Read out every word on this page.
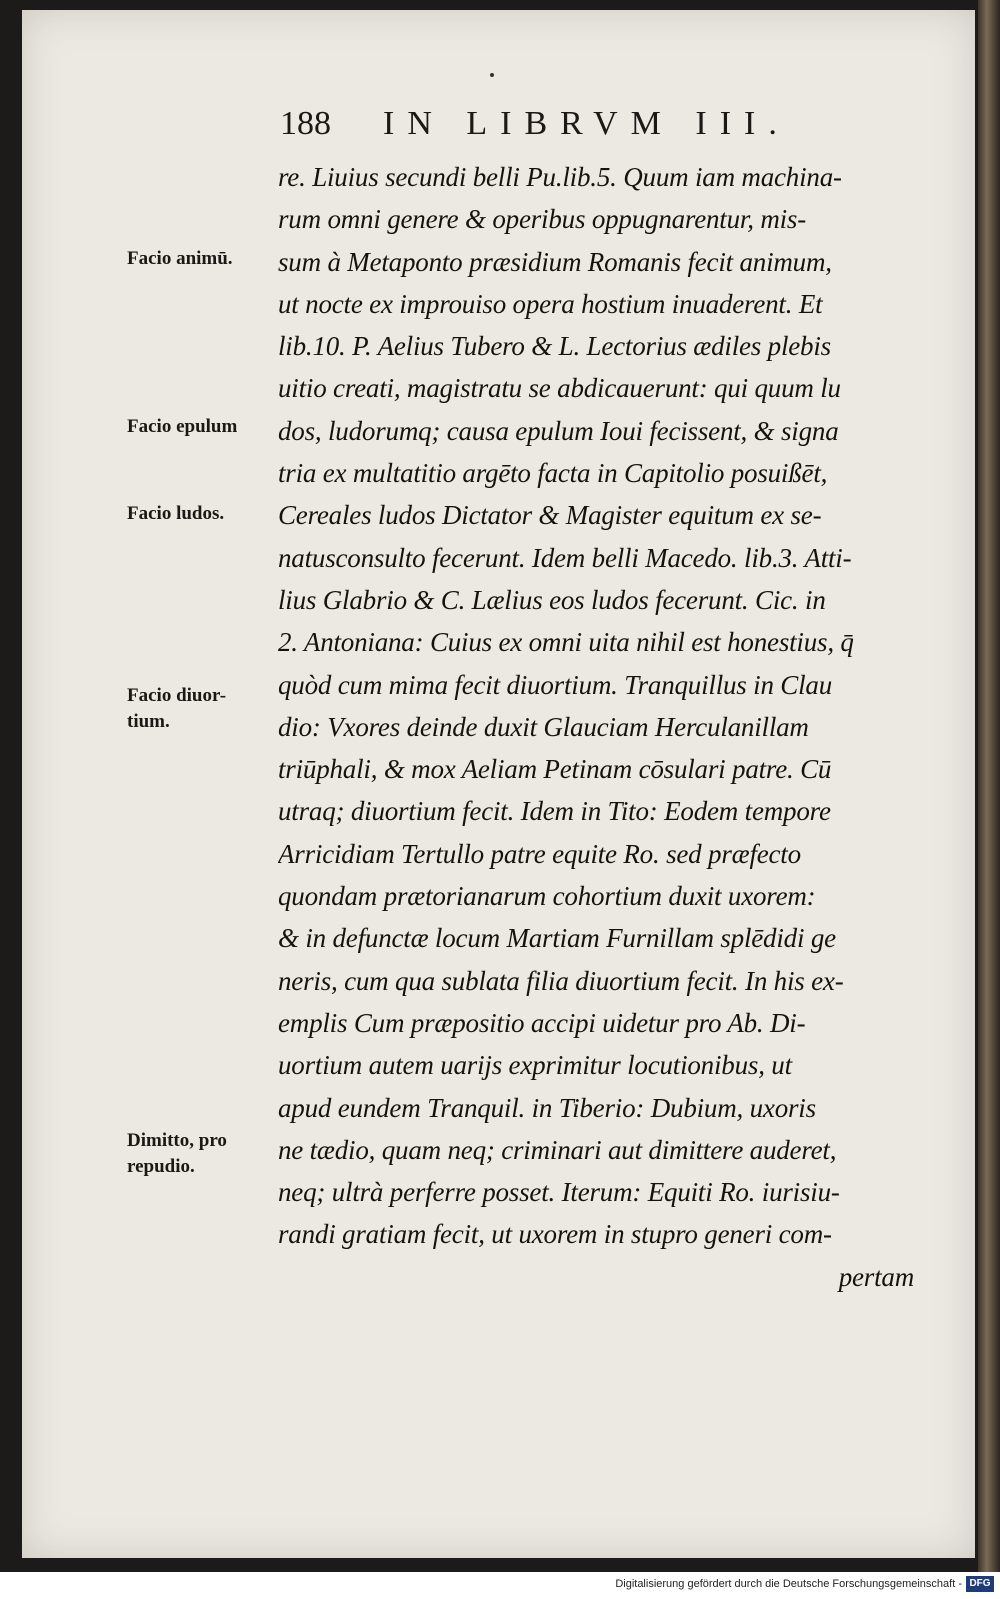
188 IN LIBRVM III.
re. Liuius secundi belli Pu.lib.5. Quum iam machina-
rum omni genere & operibus oppugnarentur, mis-
sum à Metaponto præsidium Romanis fecit animum,
ut nocte ex improuiso opera hostium inuaderent. Et
lib.10. P. Aelius Tubero & L. Lectorius ædiles plebis
uitio creati, magistratu se abdicauerunt: qui quum lu
dos, ludorumq; causa epulum Ioui fecissent, & signa
tria ex multatitio argēto facta in Capitolio posuißēt,
Cereales ludos Dictator & Magister equitum ex se-
natusconsulto fecerunt. Idem belli Macedo. lib.3. Atti-
lius Glabrio & C. Lælius eos ludos fecerunt. Cic. in
2. Antoniana: Cuius ex omni uita nihil est honestius, q̄
quòd cum mima fecit diuortium. Tranquillus in Clau
dio: Vxores deinde duxit Glauciam Herculanillam
triūphali, & mox Aeliam Petinam cōsulari patre. Cū
utraq; diuortium fecit. Idem in Tito: Eodem tempore
Arricidiam Tertullo patre equite Ro. sed præfecto
quondam prætorianarum cohortium duxit uxorem:
& in defunctæ locum Martiam Furnillam splēdidi ge
neris, cum qua sublata filia diuortium fecit. In his ex-
emplis Cum præpositio accipi uidetur pro Ab. Di-
uortium autem uarijs exprimitur locutionibus, ut
apud eundem Tranquil. in Tiberio: Dubium, uxoris
ne tædio, quam neq; criminari aut dimittere auderet,
neq; ultrà perferre posset. Iterum: Equiti Ro. iurisiu-
randi gratiam fecit, ut uxorem in stupro generi com-
pertam
Facio animū.
Facio epulum
Facio ludos.
Facio diuor-
tium.
Dimitto, pro
repudio.
Digitalisierung gefördert durch die Deutsche Forschungsgemeinschaft - DFG
